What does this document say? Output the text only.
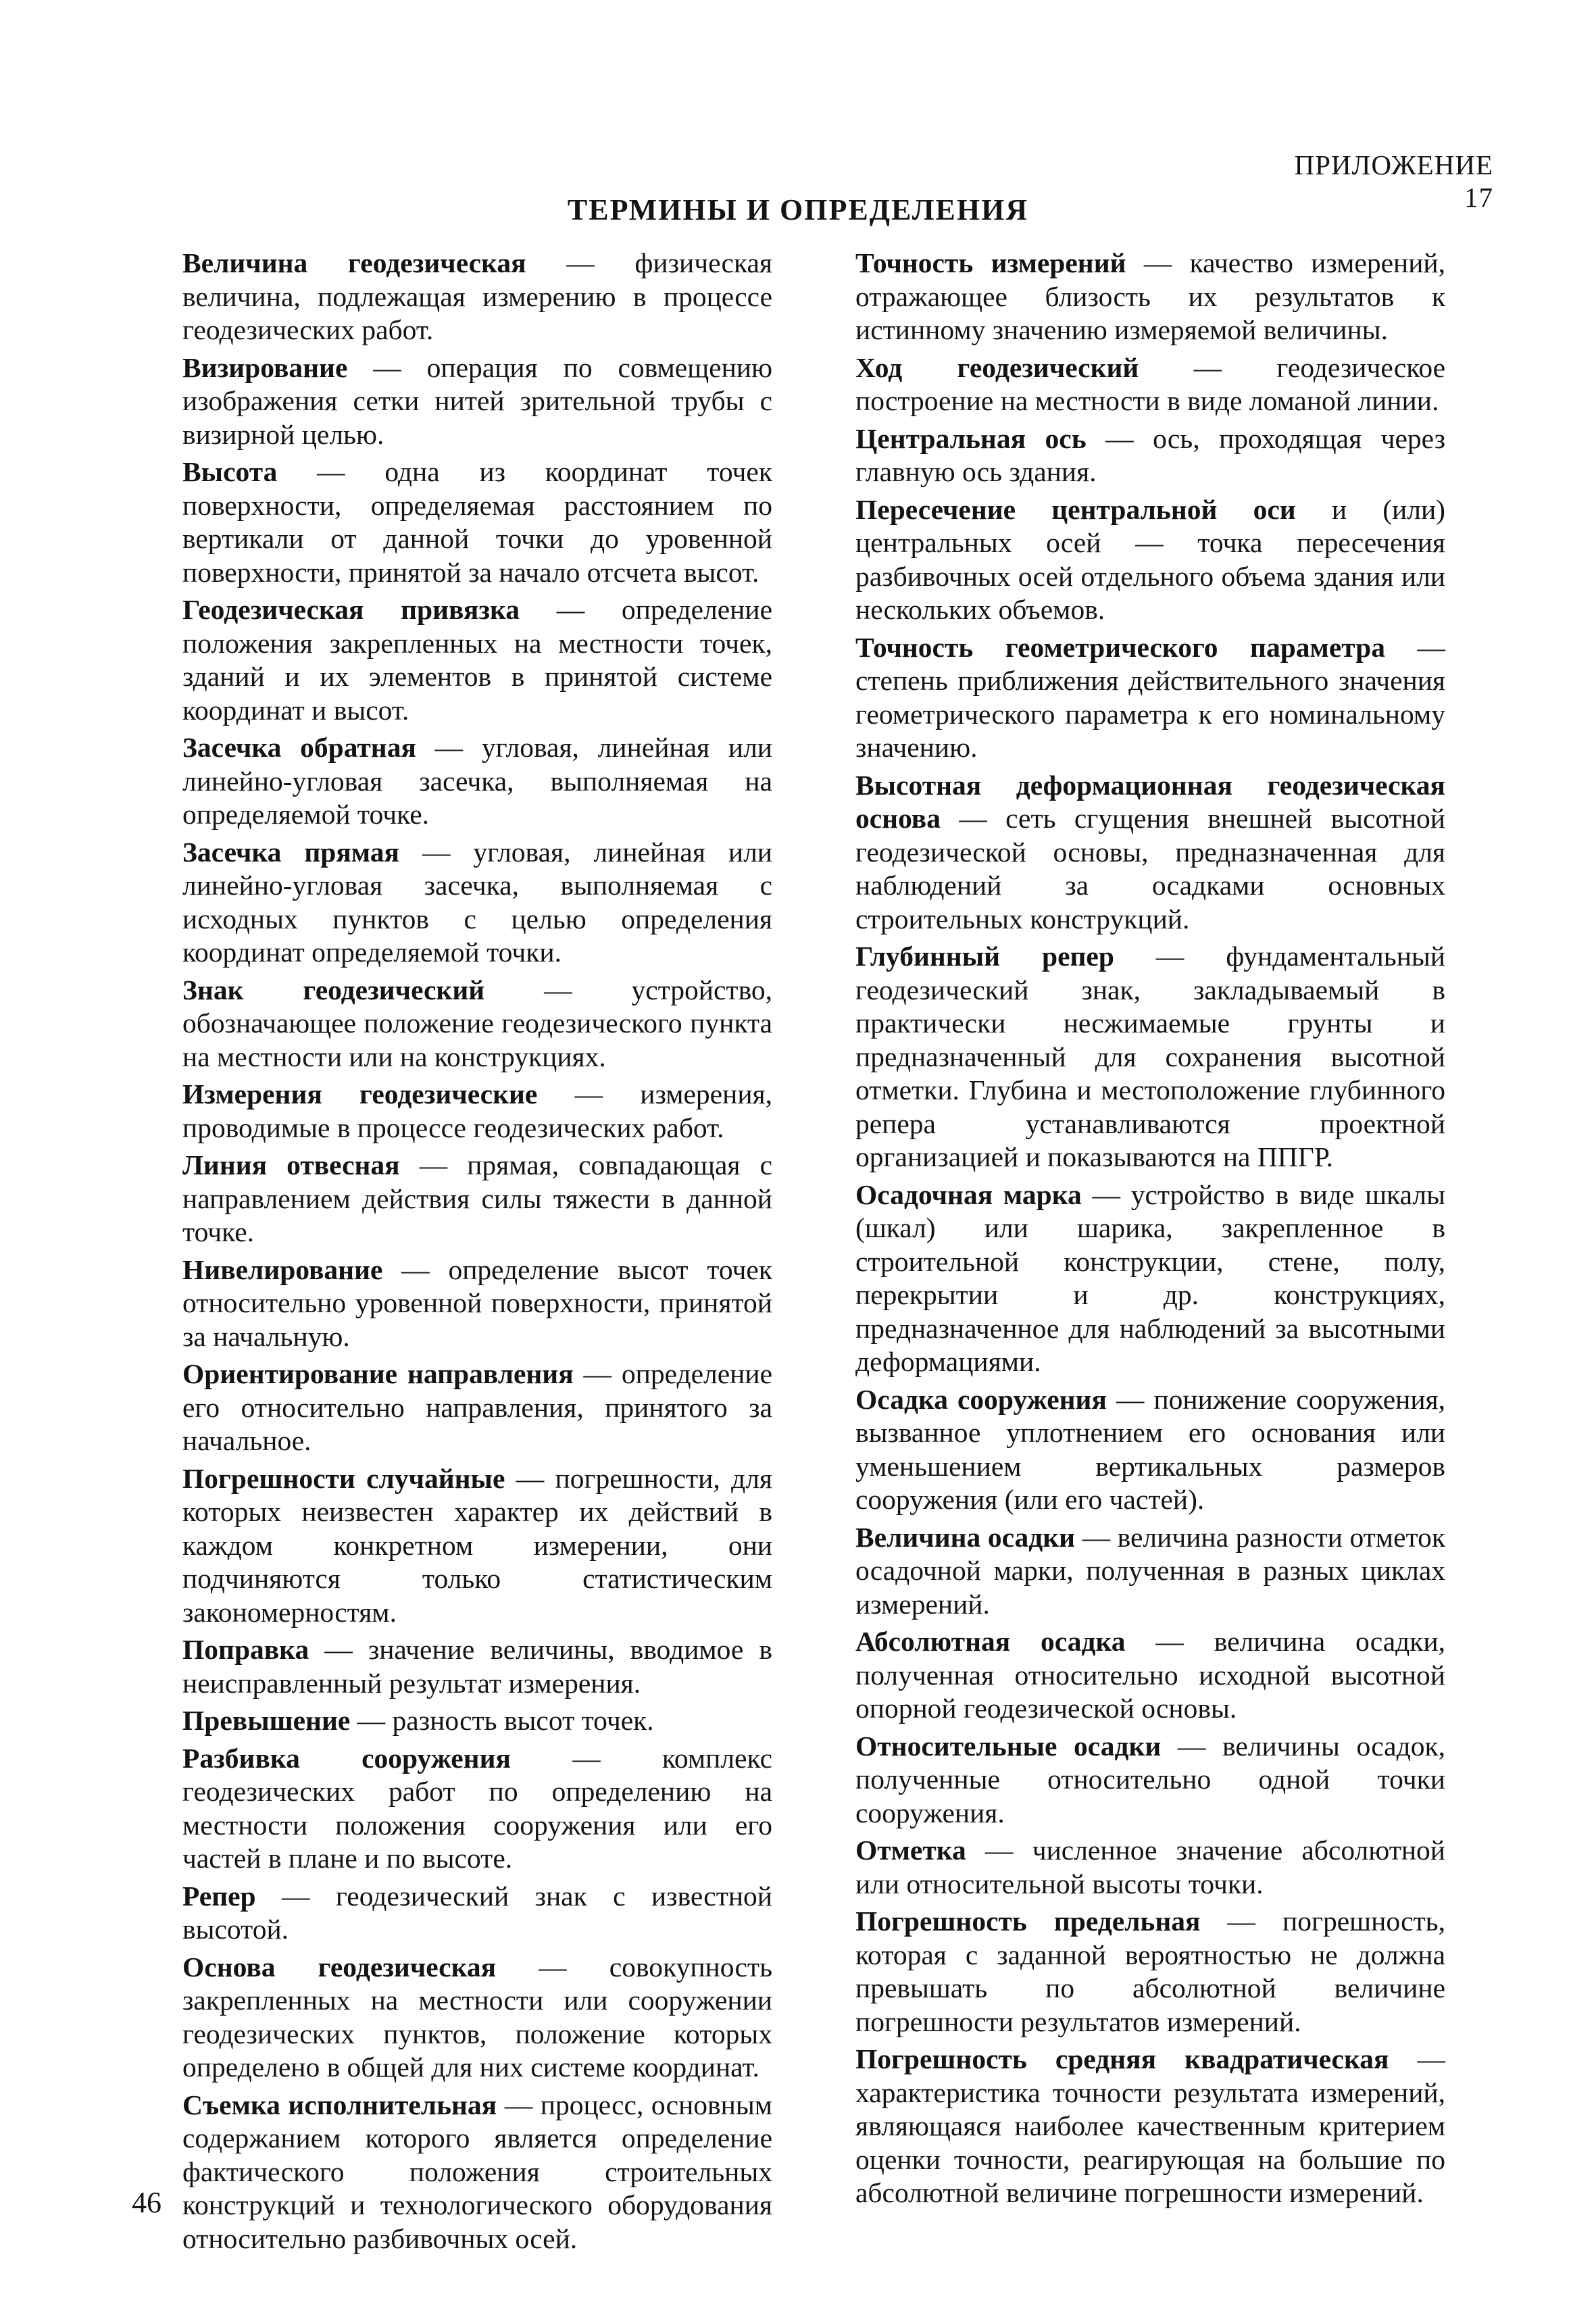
ПРИЛОЖЕНИЕ 17
ТЕРМИНЫ И ОПРЕДЕЛЕНИЯ

Величина геодезическая — физическая величина, подлежащая измерению в процессе геодезических работ.

Визирование — операция по совмещению изображения сетки нитей зрительной трубы с визирной целью.

Высота — одна из координат точек поверхности, определяемая расстоянием по вертикали от данной точки до уровенной поверхности, принятой за начало отсчета высот.

Геодезическая привязка — определение положения закрепленных на местности точек, зданий и их элементов в принятой системе координат и высот.

Засечка обратная — угловая, линейная или линейно-угловая засечка, выполняемая на определяемой точке.

Засечка прямая — угловая, линейная или линейно-угловая засечка, выполняемая с исходных пунктов с целью определения координат определяемой точки.

Знак геодезический — устройство, обозначающее положение геодезического пункта на местности или на конструкциях.

Измерения геодезические — измерения, проводимые в процессе геодезических работ.

Линия отвесная — прямая, совпадающая с направлением действия силы тяжести в данной точке.

Нивелирование — определение высот точек относительно уровенной поверхности, принятой за начальную.

Ориентирование направления — определение его относительно направления, принятого за начальное.

Погрешности случайные — погрешности, для которых неизвестен характер их действий в каждом конкретном измерении, они подчиняются только статистическим закономерностям.

Поправка — значение величины, вводимое в неисправленный результат измерения.

Превышение — разность высот точек.

Разбивка сооружения — комплекс геодезических работ по определению на местности положения сооружения или его частей в плане и по высоте.

Репер — геодезический знак с известной высотой.

Основа геодезическая — совокупность закрепленных на местности или сооружении геодезических пунктов, положение которых определено в общей для них системе координат.

Съемка исполнительная — процесс, основным содержанием которого является определение фактического положения строительных конструкций и технологического оборудования относительно разбивочных осей.

Точность измерений — качество измерений, отражающее близость их результатов к истинному значению измеряемой величины.

Ход геодезический — геодезическое построение на местности в виде ломаной линии.

Центральная ось — ось, проходящая через главную ось здания.

Пересечение центральной оси и (или) центральных осей — точка пересечения разбивочных осей отдельного объема здания или нескольких объемов.

Точность геометрического параметра — степень приближения действительного значения геометрического параметра к его номинальному значению.

Высотная деформационная геодезическая основа — сеть сгущения внешней высотной геодезической основы, предназначенная для наблюдений за осадками основных строительных конструкций.

Глубинный репер — фундаментальный геодезический знак, закладываемый в практически несжимаемые грунты и предназначенный для сохранения высотной отметки. Глубина и местоположение глубинного репера устанавливаются проектной организацией и показываются на ППГР.

Осадочная марка — устройство в виде шкалы (шкал) или шарика, закрепленное в строительной конструкции, стене, полу, перекрытии и др. конструкциях, предназначенное для наблюдений за высотными деформациями.

Осадка сооружения — понижение сооружения, вызванное уплотнением его основания или уменьшением вертикальных размеров сооружения (или его частей).

Величина осадки — величина разности отметок осадочной марки, полученная в разных циклах измерений.

Абсолютная осадка — величина осадки, полученная относительно исходной высотной опорной геодезической основы.

Относительные осадки — величины осадок, полученные относительно одной точки сооружения.

Отметка — численное значение абсолютной или относительной высоты точки.

Погрешность предельная — погрешность, которая с заданной вероятностью не должна превышать по абсолютной величине погрешности результатов измерений.

Погрешность средняя квадратическая — характеристика точности результата измерений, являющаяся наиболее качественным критерием оценки точности, реагирующая на большие по абсолютной величине погрешности измерений.

46
